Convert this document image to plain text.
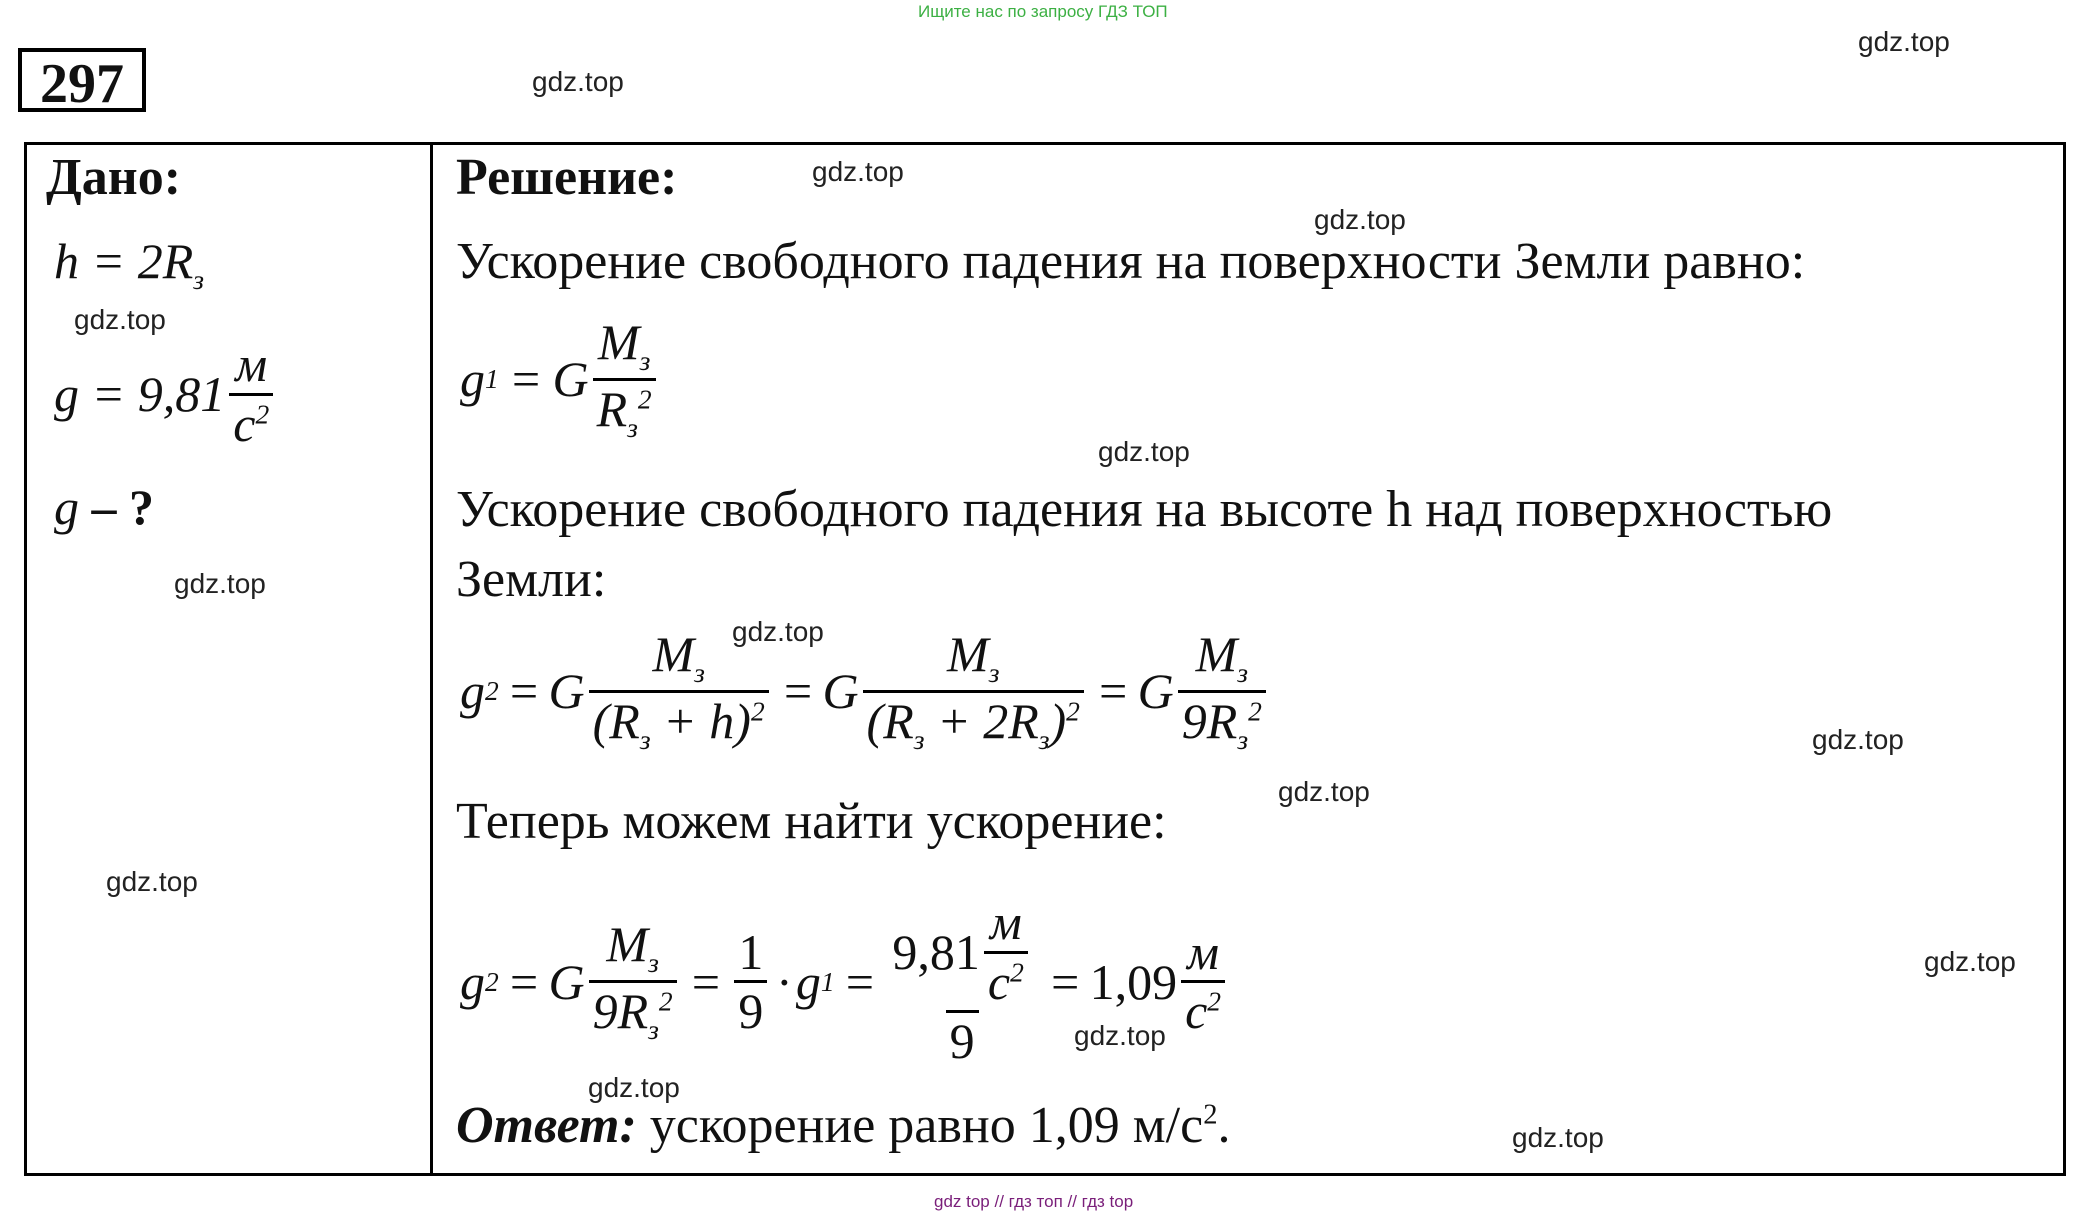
Ищите нас по запросу ГДЗ ТОП
297
Дано:
$h = 2R_з$
$g = 9,81 \frac{м}{c^2}$
g – ?
Решение:
Ускорение свободного падения на поверхности Земли равно:
g 1 = G $\frac{M_з}{R_з^2}$
Ускорение свободного падения на высоте h над поверхностью
Земли:
g 2 = G $\frac{M_з}{(R_з + h)^2} = G \frac{M_з}{(R_з + 2R_з)^2} = G \frac{M_з}{9R_з^2}$
Теперь можем найти ускорение:
g 2 = G $\frac{M_з}{9R_з^2} = \frac{1}{9} \cdot g$ $1 = \frac{9,81 \frac{м}{c^2}}{9} = 1,09 \frac{м}{c^2}$
Ответ: ускорение равно 1,09 $м/с^2$.
gdz.top
gdz.top
gdz.top
gdz.top
gdz.top
gdz.top
gdz.top
gdz.top
gdz.top
gdz.top
gdz.top
gdz.top
gdz.top
gdz.top
gdz.top
gdz top // гдз топ // гдз top
